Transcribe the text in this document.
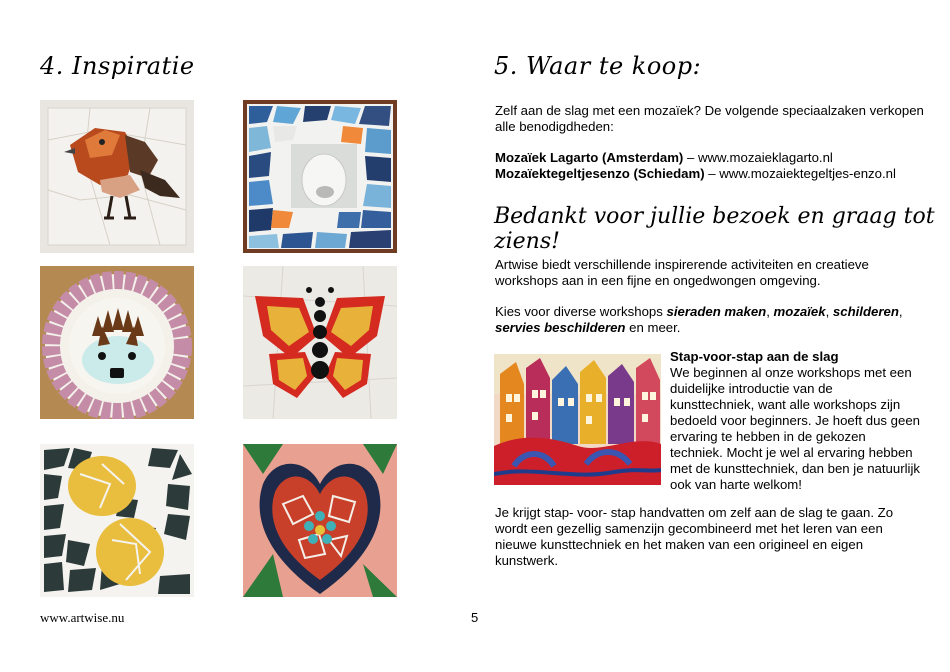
4. Inspiratie
www.artwise.nu	5
5. Waar te koop:

Zelf aan de slag met een mozaïek? De volgende speciaalzaken verkopen alle benodigdheden:

Mozaïek Lagarto (Amsterdam) – www.mozaieklagarto.nl
Mozaïektegeltjesenzo (Schiedam) – www.mozaiektegeltjes-enzo.nl
Bedankt voor jullie bezoek en graag tot ziens!

Artwise biedt verschillende inspirerende activiteiten en creatieve workshops aan in een fijne en ongedwongen omgeving.

Kies voor diverse workshops sieraden maken, mozaïek, schilderen, servies beschilderen en meer.

Stap-voor-stap aan de slag
We beginnen al onze workshops met een duidelijke introductie van de kunsttechniek, want alle workshops zijn bedoeld voor beginners. Je hoeft dus geen ervaring te hebben in de gekozen techniek. Mocht je wel al ervaring hebben met de kunsttechniek, dan ben je natuurlijk ook van harte welkom!

Je krijgt stap- voor- stap handvatten om zelf aan de slag te gaan. Zo wordt een gezellig samenzijn gecombineerd met het leren van een nieuwe kunsttechniek en het maken van een origineel en eigen kunstwerk.
